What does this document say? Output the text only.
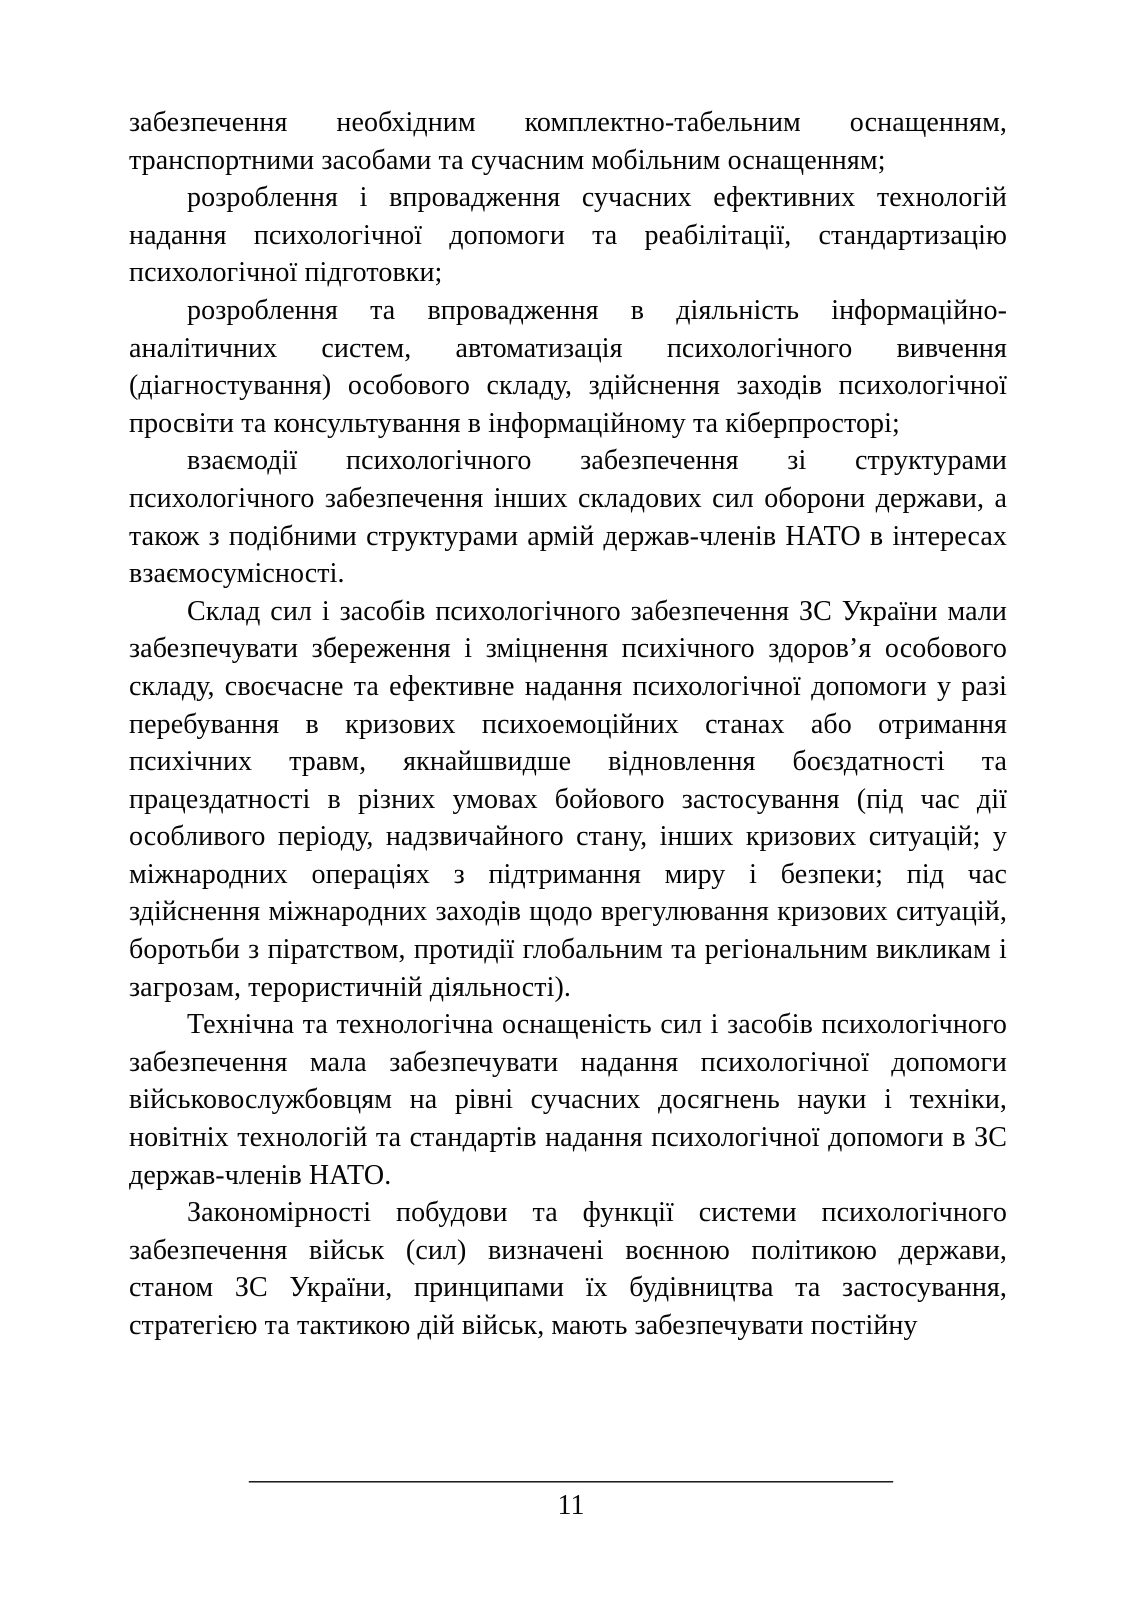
забезпечення необхідним комплектно-табельним оснащенням, транспортними засобами та сучасним мобільним оснащенням;

розроблення і впровадження сучасних ефективних технологій надання психологічної допомоги та реабілітації, стандартизацію психологічної підготовки;

розроблення та впровадження в діяльність інформаційно-аналітичних систем, автоматизація психологічного вивчення (діагностування) особового складу, здійснення заходів психологічної просвіти та консультування в інформаційному та кіберпросторі;

взаємодії психологічного забезпечення зі структурами психологічного забезпечення інших складових сил оборони держави, а також з подібними структурами армій держав-членів НАТО в інтересах взаємосумісності.

Склад сил і засобів психологічного забезпечення ЗС України мали забезпечувати збереження і зміцнення психічного здоров’я особового складу, своєчасне та ефективне надання психологічної допомоги у разі перебування в кризових психоемоційних станах або отримання психічних травм, якнайшвидше відновлення боєздатності та працездатності в різних умовах бойового застосування (під час дії особливого періоду, надзвичайного стану, інших кризових ситуацій; у міжнародних операціях з підтримання миру і безпеки; під час здійснення міжнародних заходів щодо врегулювання кризових ситуацій, боротьби з піратством, протидії глобальним та регіональним викликам і загрозам, терористичній діяльності).

Технічна та технологічна оснащеність сил і засобів психологічного забезпечення мала забезпечувати надання психологічної допомоги військовослужбовцям на рівні сучасних досягнень науки і техніки, новітніх технологій та стандартів надання психологічної допомоги в ЗС держав-членів НАТО.

Закономірності побудови та функції системи психологічного забезпечення військ (сил) визначені воєнною політикою держави, станом ЗС України, принципами їх будівництва та застосування, стратегією та тактикою дій військ, мають забезпечувати постійну

______________________________________________
11
